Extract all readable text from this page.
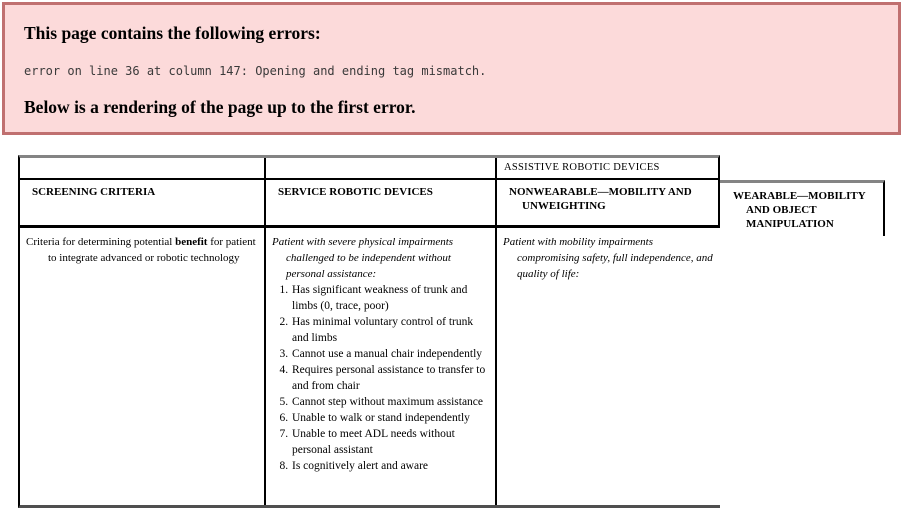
This page contains the following errors:
error on line 36 at column 147: Opening and ending tag mismatch.
Below is a rendering of the page up to the first error.
ASSISTIVE ROBOTIC DEVICES
SCREENING CRITERIA	SERVICE ROBOTIC DEVICES	NONWEARABLE—MOBILITY AND UNWEIGHTING
WEARABLE—MOBILITY AND OBJECT MANIPULATION

Criteria for determining potential benefit for patient to integrate advanced or robotic technology

Patient with severe physical impairments challenged to be independent without personal assistance:

1. Has significant weakness of trunk and limbs (0, trace, poor)
2. Has minimal voluntary control of trunk and limbs
3. Cannot use a manual chair independently
4. Requires personal assistance to transfer to and from chair
5. Cannot step without maximum assistance
6. Unable to walk or stand independently
7. Unable to meet ADL needs without personal assistant
8. Is cognitively alert and aware

Patient with mobility impairments compromising safety, full independence, and quality of life:
